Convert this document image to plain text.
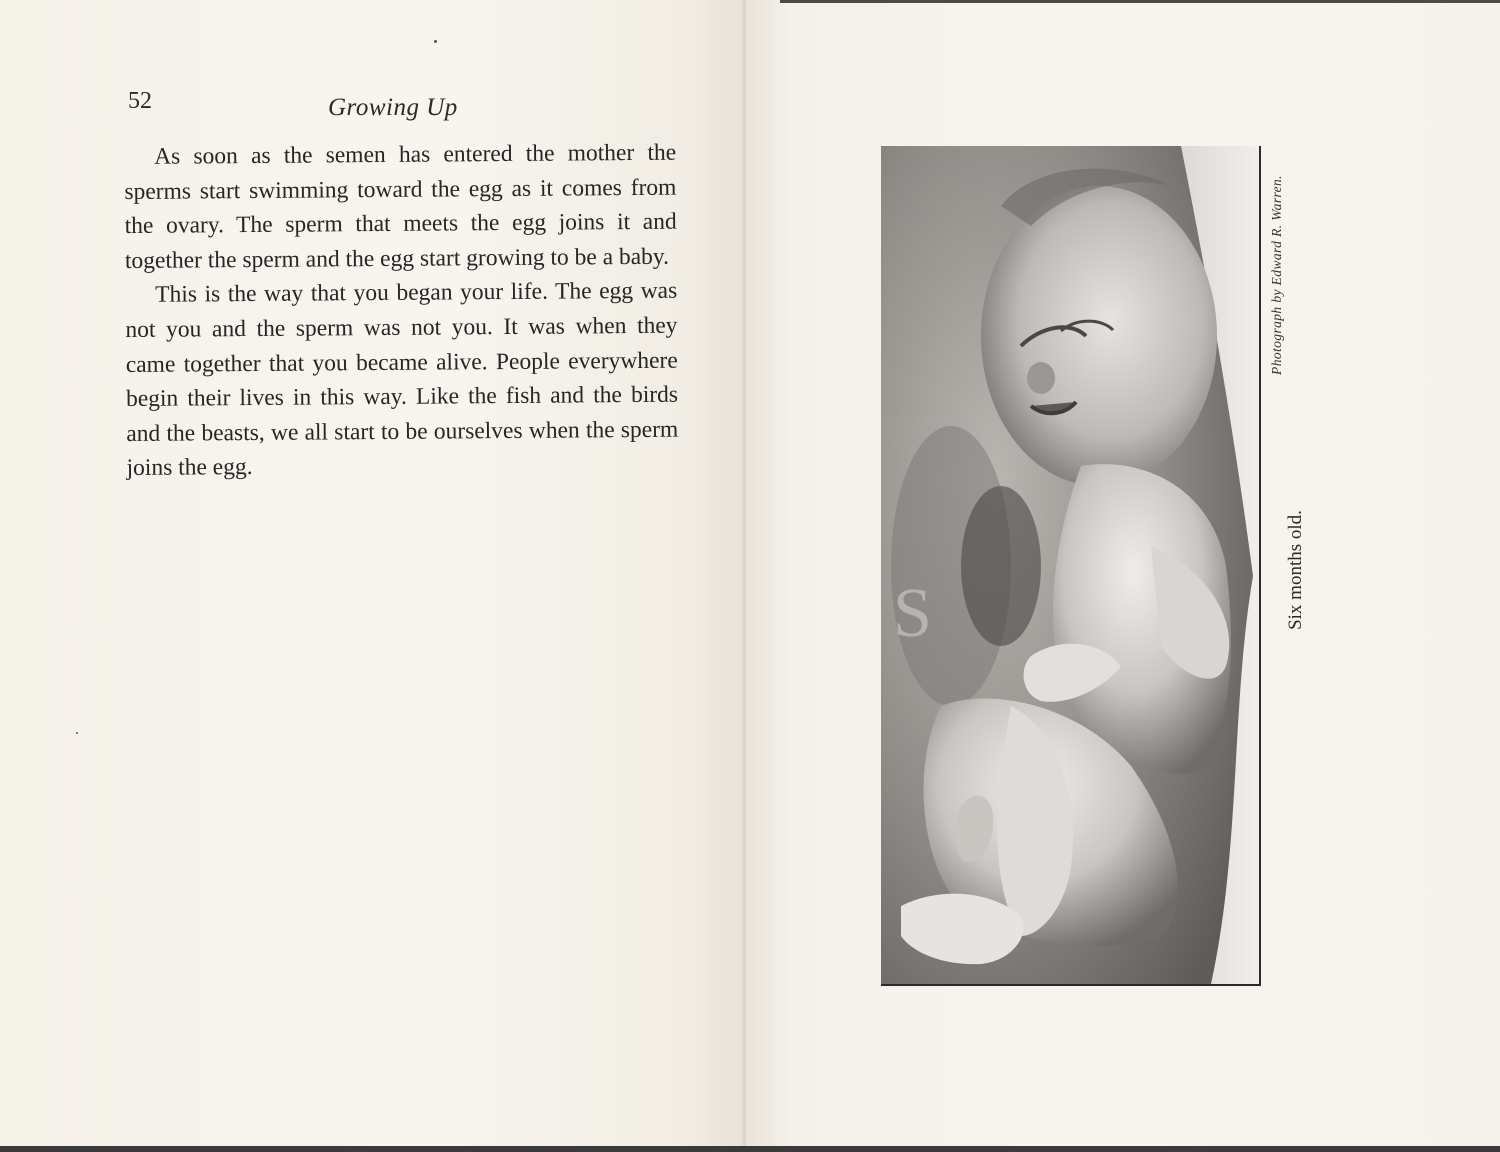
52	Growing Up

As soon as the semen has entered the mother the sperms start swimming toward the egg as it comes from the ovary. The sperm that meets the egg joins it and together the sperm and the egg start growing to be a baby.

This is the way that you began your life. The egg was not you and the sperm was not you. It was when they came together that you became alive. People everywhere begin their lives in this way. Like the fish and the birds and the beasts, we all start to be ourselves when the sperm joins the egg.

S
Photograph by Edward R. Warren.
Six months old.
